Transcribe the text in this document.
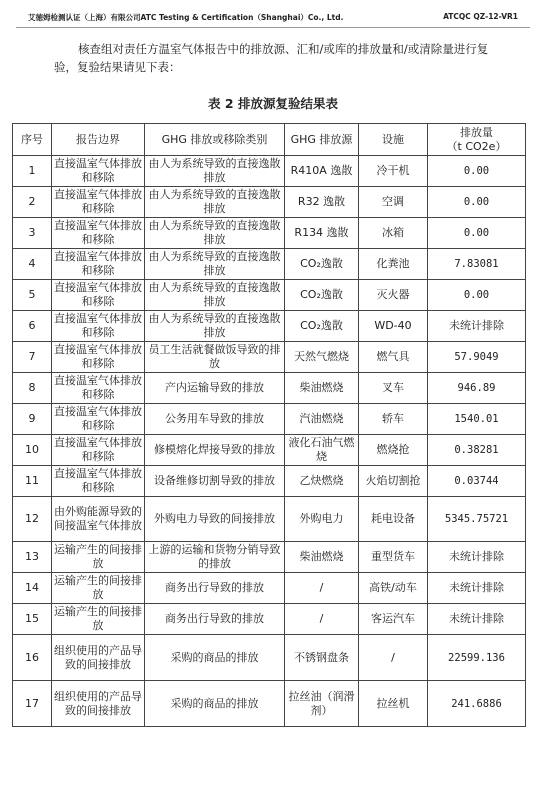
艾徳姆检测认证（上海）有限公司ATC Testing & Certification（Shanghai）Co., Ltd.	ATCQC QZ-12-VR1

核查组对责任方温室气体报告中的排放源、汇和/或库的排放量和/或清除量进行复验，复验结果请见下表：

表 2 排放源复验结果表
序号	报告边界	GHG 排放或移除类别	GHG 排放源	设施	排放量
（t CO2e）
1	直接温室气体排放和移除	由人为系统导致的直接逸散排放	R410A 逸散	冷干机	0.00
2	直接温室气体排放和移除	由人为系统导致的直接逸散排放	R32 逸散	空调	0.00
3	直接温室气体排放和移除	由人为系统导致的直接逸散排放	R134 逸散	冰箱	0.00
4	直接温室气体排放和移除	由人为系统导致的直接逸散排放	CO₂逸散	化粪池	7.83081
5	直接温室气体排放和移除	由人为系统导致的直接逸散排放	CO₂逸散	灭火器	0.00
6	直接温室气体排放和移除	由人为系统导致的直接逸散排放	CO₂逸散	WD-40	未统计排除
7	直接温室气体排放和移除	员工生活就餐做饭导致的排放	天然气燃烧	燃气具	57.9049
8	直接温室气体排放和移除	产内运输导致的排放	柴油燃烧	叉车	946.89
9	直接温室气体排放和移除	公务用车导致的排放	汽油燃烧	轿车	1540.01
10	直接温室气体排放和移除	修模熔化焊接导致的排放	液化石油气燃烧	燃烧抢	0.38281
11	直接温室气体排放和移除	设备维修切割导致的排放	乙炔燃烧	火焰切割抢	0.03744
12	由外购能源导致的间接温室气体排放	外购电力导致的间接排放	外购电力	耗电设备	5345.75721
13	运输产生的间接排放	上游的运输和货物分销导致的排放	柴油燃烧	重型货车	未统计排除
14	运输产生的间接排放	商务出行导致的排放	/	高铁/动车	未统计排除
15	运输产生的间接排放	商务出行导致的排放	/	客运汽车	未统计排除
16	组织使用的产品导致的间接排放	采购的商品的排放	不锈钢盘条	/	22599.136
17	组织使用的产品导致的间接排放	采购的商品的排放	拉丝油（润滑剂）	拉丝机	241.6886
